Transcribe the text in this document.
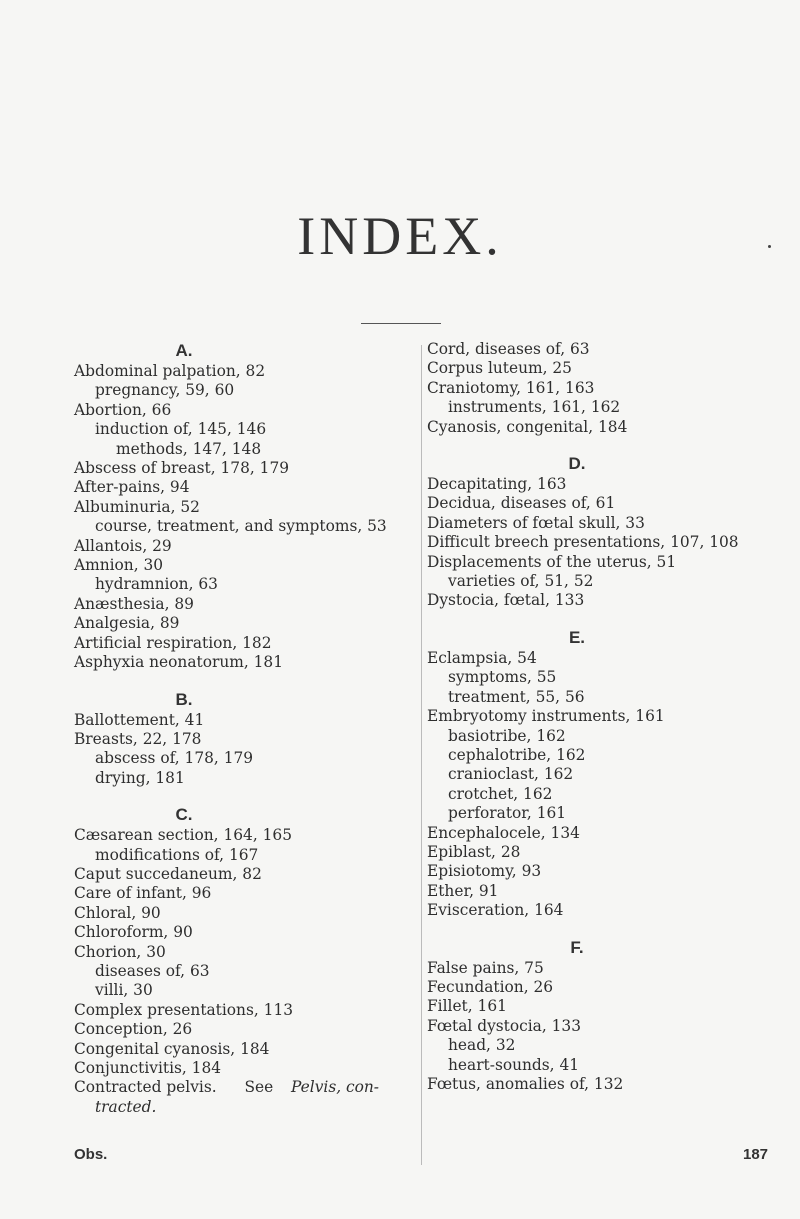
INDEX.
A.
Abdominal palpation, 82
pregnancy, 59, 60
Abortion, 66
induction of, 145, 146
methods, 147, 148
Abscess of breast, 178, 179
After-pains, 94
Albuminuria, 52
course, treatment, and symptoms, 53
Allantois, 29
Amnion, 30
hydramnion, 63
Anæsthesia, 89
Analgesia, 89
Artificial respiration, 182
Asphyxia neonatorum, 181
B.
Ballottement, 41
Breasts, 22, 178
abscess of, 178, 179
drying, 181
C.
Cæsarean section, 164, 165
modifications of, 167
Caput succedaneum, 82
Care of infant, 96
Chloral, 90
Chloroform, 90
Chorion, 30
diseases of, 63
villi, 30
Complex presentations, 113
Conception, 26
Congenital cyanosis, 184
Conjunctivitis, 184
Contracted pelvis. See Pelvis, con-
tracted.
Cord, diseases of, 63
Corpus luteum, 25
Craniotomy, 161, 163
instruments, 161, 162
Cyanosis, congenital, 184
D.
Decapitating, 163
Decidua, diseases of, 61
Diameters of fœtal skull, 33
Difficult breech presentations, 107, 108
Displacements of the uterus, 51
varieties of, 51, 52
Dystocia, fœtal, 133
E.
Eclampsia, 54
symptoms, 55
treatment, 55, 56
Embryotomy instruments, 161
basiotribe, 162
cephalotribe, 162
cranioclast, 162
crotchet, 162
perforator, 161
Encephalocele, 134
Epiblast, 28
Episiotomy, 93
Ether, 91
Evisceration, 164
F.
False pains, 75
Fecundation, 26
Fillet, 161
Fœtal dystocia, 133
head, 32
heart-sounds, 41
Fœtus, anomalies of, 132
Obs.	187
